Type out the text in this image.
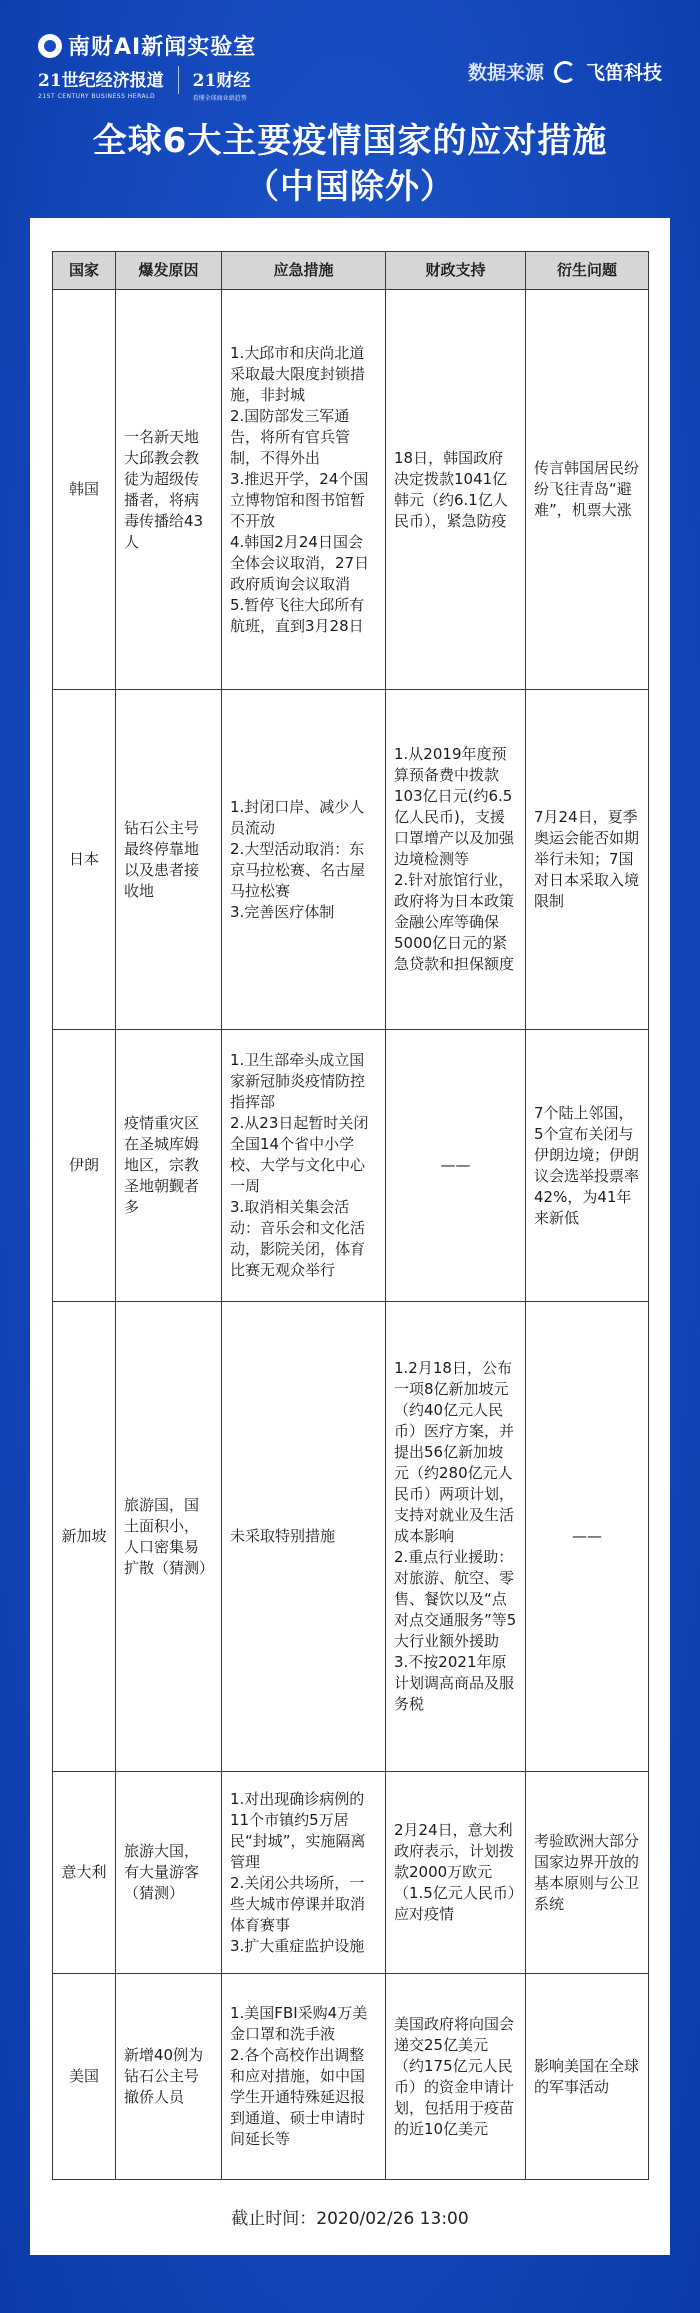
南财AI新闻实验室
21世纪经济报道
21ST CENTURY BUSINESS HERALD
21财经
看懂全球商业新趋势
数据来源 飞笛科技
全球6大主要疫情国家的应对措施
（中国除外）
国家	爆发原因	应急措施	财政支持	衍生问题
韩国	一名新天地大邱教会教徒为超级传播者，将病毒传播给43人	1.大邱市和庆尚北道采取最大限度封锁措施，非封城
2.国防部发三军通告，将所有官兵管制，不得外出
3.推迟开学，24个国立博物馆和图书馆暂不开放
4.韩国2月24日国会全体会议取消，27日政府质询会议取消
5.暂停飞往大邱所有航班，直到3月28日	18日，韩国政府决定拨款1041亿韩元（约6.1亿人民币），紧急防疫	传言韩国居民纷纷飞往青岛“避难”，机票大涨
日本	钻石公主号最终停靠地以及患者接收地	1.封闭口岸、减少人员流动
2.大型活动取消：东京马拉松赛、名古屋马拉松赛
3.完善医疗体制	1.从2019年度预算预备费中拨款103亿日元(约6.5亿人民币)，支援口罩增产以及加强边境检测等
2.针对旅馆行业，政府将为日本政策金融公库等确保5000亿日元的紧急贷款和担保额度	7月24日，夏季奥运会能否如期举行未知；7国对日本采取入境限制
伊朗	疫情重灾区在圣城库姆地区，宗教圣地朝觐者多	1.卫生部牵头成立国家新冠肺炎疫情防控指挥部
2.从23日起暂时关闭全国14个省中小学校、大学与文化中心一周
3.取消相关集会活动：音乐会和文化活动，影院关闭，体育比赛无观众举行	——	7个陆上邻国，5个宣布关闭与伊朗边境；伊朗议会选举投票率42%，为41年来新低
新加坡	旅游国，国土面积小，人口密集易扩散（猜测）	未采取特别措施	1.2月18日，公布一项8亿新加坡元（约40亿元人民币）医疗方案，并提出56亿新加坡元（约280亿元人民币）两项计划，支持对就业及生活成本影响
2.重点行业援助：对旅游、航空、零售、餐饮以及“点对点交通服务”等5大行业额外援助
3.不按2021年原计划调高商品及服务税	——
意大利	旅游大国，有大量游客（猜测）	1.对出现确诊病例的11个市镇约5万居民“封城”，实施隔离管理
2.关闭公共场所，一些大城市停课并取消体育赛事
3.扩大重症监护设施	2月24日，意大利政府表示，计划拨款2000万欧元（1.5亿元人民币）应对疫情	考验欧洲大部分国家边界开放的基本原则与公卫系统
美国	新增40例为钻石公主号撤侨人员	1.美国FBI采购4万美金口罩和洗手液
2.各个高校作出调整和应对措施，如中国学生开通特殊延迟报到通道、硕士申请时间延长等	美国政府将向国会递交25亿美元（约175亿元人民币）的资金申请计划，包括用于疫苗的近10亿美元	影响美国在全球的军事活动
截止时间：2020/02/26 13:00
